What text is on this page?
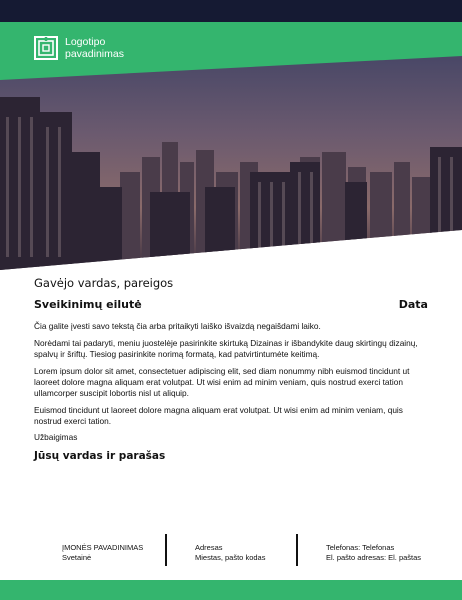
Logotipo pavadinimas
Gavėjo vardas, pareigos
Sveikinimų eilutė	Data

Čia galite įvesti savo tekstą čia arba pritaikyti laiško išvaizdą negaišdami laiko.

Norėdami tai padaryti, meniu juostelėje pasirinkite skirtuką Dizainas ir išbandykite daug skirtingų dizainų, spalvų ir šriftų. Tiesiog pasirinkite norimą formatą, kad patvirtintumėte keitimą.

Lorem ipsum dolor sit amet, consectetuer adipiscing elit, sed diam nonummy nibh euismod tincidunt ut laoreet dolore magna aliquam erat volutpat. Ut wisi enim ad minim veniam, quis nostrud exerci tation ullamcorper suscipit lobortis nisl ut aliquip.

Euismod tincidunt ut laoreet dolore magna aliquam erat volutpat. Ut wisi enim ad minim veniam, quis nostrud exerci tation.

Užbaigimas
Jūsų vardas ir parašas
ĮMONĖS PAVADINIMAS
Svetainė
Adresas
Miestas, pašto kodas
Telefonas: Telefonas
El. pašto adresas: El. paštas
